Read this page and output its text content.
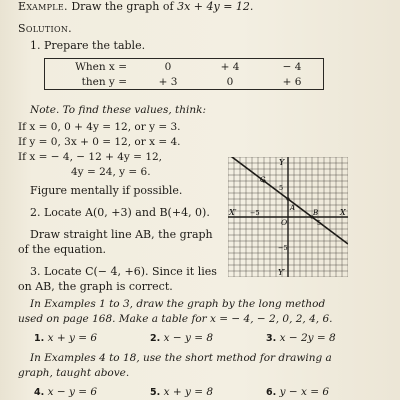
Example. Draw the graph of 3x + 4y = 12.
Solution.
1. Prepare the table.
When x =	0	+ 4	− 4
then y =	+ 3	0	+ 6
Note. To find these values, think:
If x = 0, 0 + 4y = 12, or y = 3.
If y = 0, 3x + 0 = 12, or x = 4.
If x = − 4, − 12 + 4y = 12,
4y = 24, y = 6.
Figure mentally if possible.
2. Locate A(0, +3) and B(+4, 0).
Draw straight line AB, the graph
of the equation.
3. Locate C(− 4, +6). Since it lies
on AB, the graph is correct.
Y
Y′
X′	X
O
A
B
C
5
−5
−5
5
In Examples 1 to 3, draw the graph by the long method
used on page 168. Make a table for x = − 4, − 2, 0, 2, 4, 6.
1. x + y = 6	2. x − y = 8	3. x − 2y = 8
In Examples 4 to 18, use the short method for drawing a
graph, taught above.
4. x − y = 6	5. x + y = 8	6. y − x = 6
